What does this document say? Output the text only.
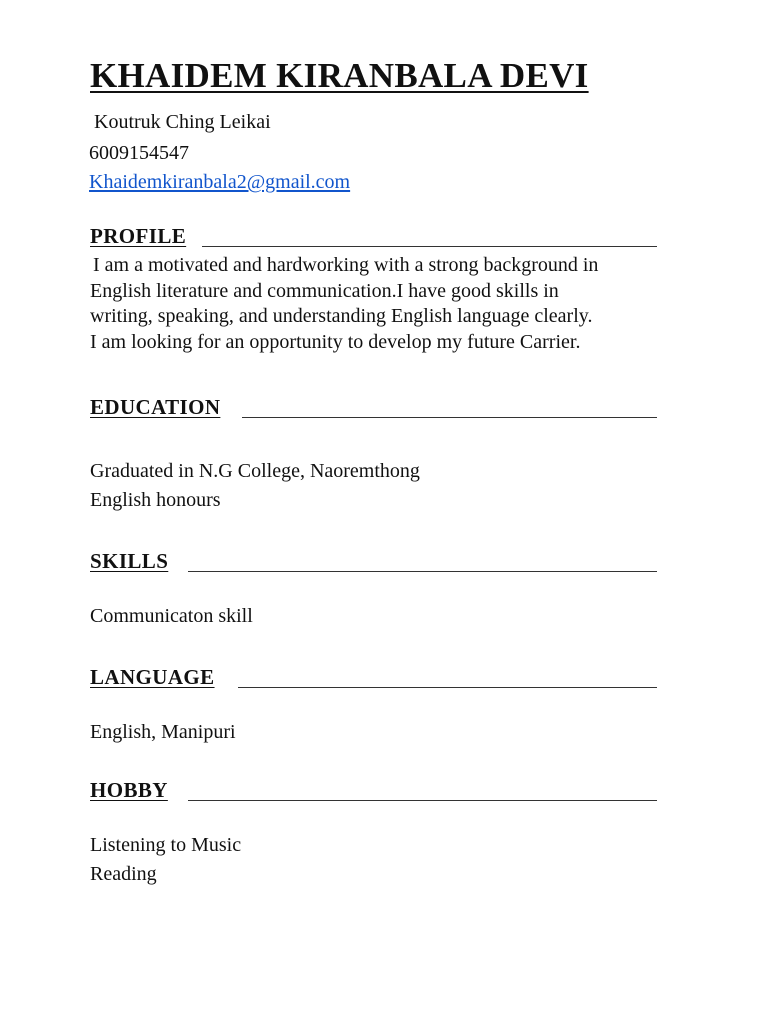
KHAIDEM KIRANBALA DEVI
Koutruk Ching Leikai
6009154547
Khaidemkiranbala2@gmail.com
PROFILE
I am a motivated and hardworking with a strong background in
English literature and communication.I have good skills in
writing, speaking, and understanding English language clearly.
I am looking for an opportunity to develop my future Carrier.
EDUCATION
Graduated in N.G College, Naoremthong
English honours
SKILLS
Communicaton skill
LANGUAGE
English, Manipuri
HOBBY
Listening to Music
Reading
